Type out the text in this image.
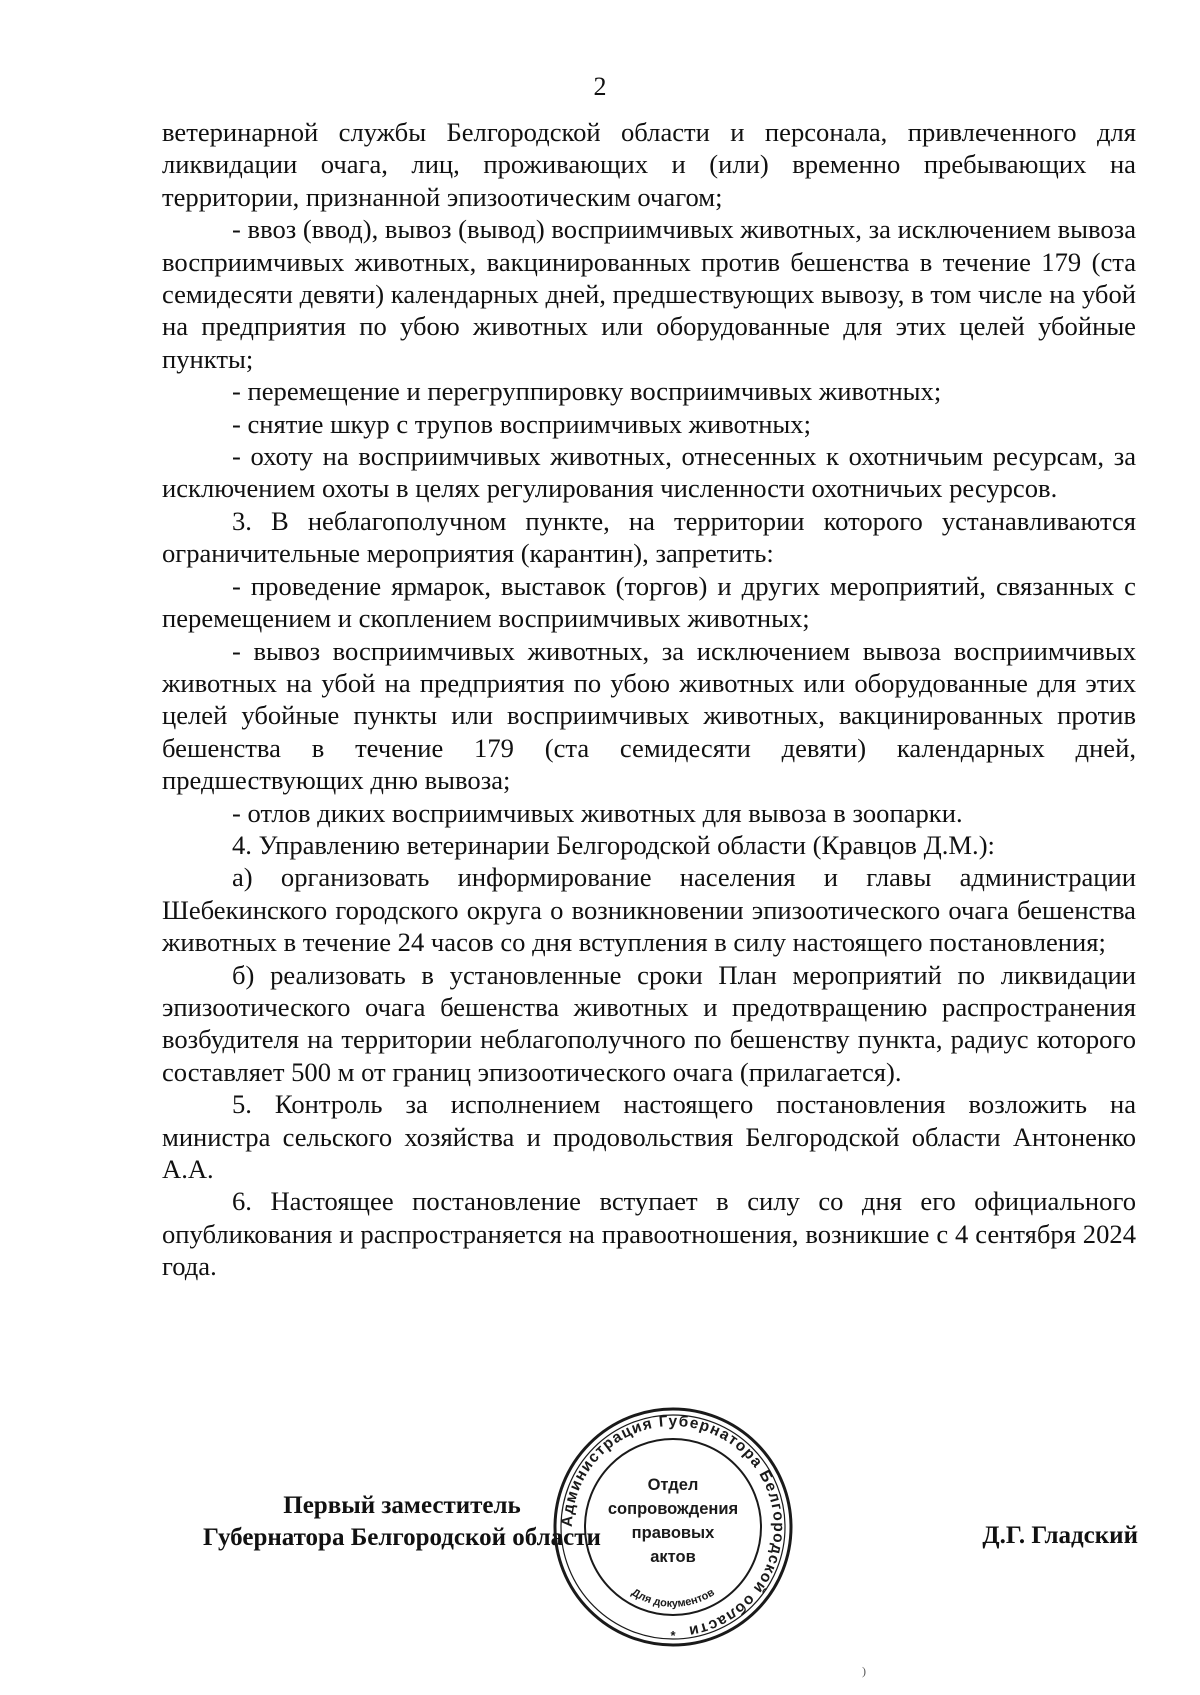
2

ветеринарной службы Белгородской области и персонала, привлеченного для ликвидации очага, лиц, проживающих и (или) временно пребывающих на территории, признанной эпизоотическим очагом;

- ввоз (ввод), вывоз (вывод) восприимчивых животных, за исключением вывоза восприимчивых животных, вакцинированных против бешенства в течение 179 (ста семидесяти девяти) календарных дней, предшествующих вывозу, в том числе на убой на предприятия по убою животных или оборудованные для этих целей убойные пункты;

- перемещение и перегруппировку восприимчивых животных;

- снятие шкур с трупов восприимчивых животных;

- охоту на восприимчивых животных, отнесенных к охотничьим ресурсам, за исключением охоты в целях регулирования численности охотничьих ресурсов.

3. В неблагополучном пункте, на территории которого устанавливаются ограничительные мероприятия (карантин), запретить:

- проведение ярмарок, выставок (торгов) и других мероприятий, связанных с перемещением и скоплением восприимчивых животных;

- вывоз восприимчивых животных, за исключением вывоза восприимчивых животных на убой на предприятия по убою животных или оборудованные для этих целей убойные пункты или восприимчивых животных, вакцинированных против бешенства в течение 179 (ста семидесяти девяти) календарных дней, предшествующих дню вывоза;

- отлов диких восприимчивых животных для вывоза в зоопарки.

4. Управлению ветеринарии Белгородской области (Кравцов Д.М.):

а) организовать информирование населения и главы администрации Шебекинского городского округа о возникновении эпизоотического очага бешенства животных в течение 24 часов со дня вступления в силу настоящего постановления;

б) реализовать в установленные сроки План мероприятий по ликвидации эпизоотического очага бешенства животных и предотвращению распространения возбудителя на территории неблагополучного по бешенству пункта, радиус которого составляет 500 м от границ эпизоотического очага (прилагается).

5. Контроль за исполнением настоящего постановления возложить на министра сельского хозяйства и продовольствия Белгородской области Антоненко А.А.

6. Настоящее постановление вступает в силу со дня его официального опубликования и распространяется на правоотношения, возникшие с 4 сентября 2024 года.

Первый заместитель
Губернатора Белгородской области	Д.Г. Гладский
Администрация Губернатора Белгородской области
Для документов
Отдел
сопровождения
правовых
актов
*
)
